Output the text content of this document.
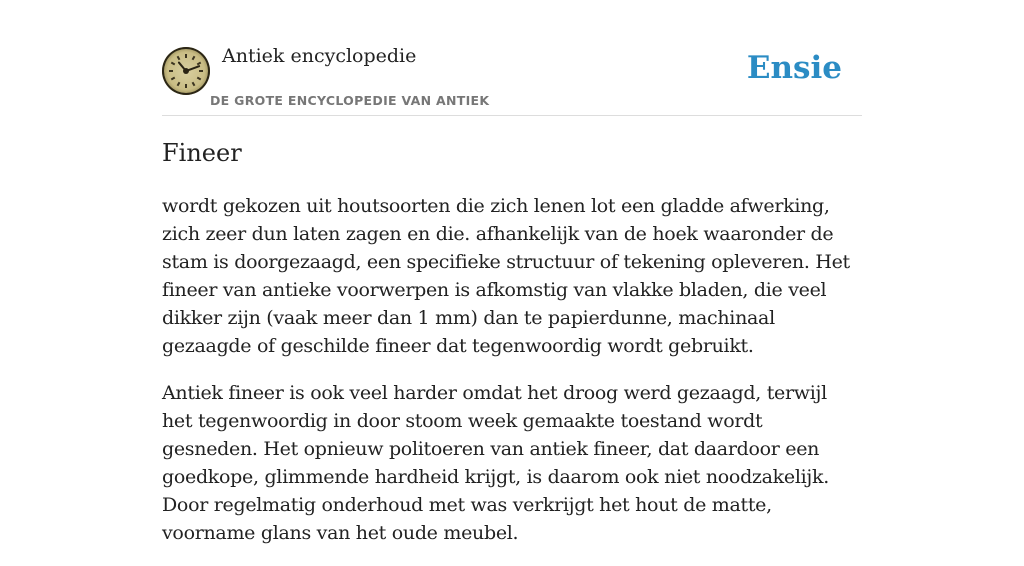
Antiek encyclopedie
DE GROTE ENCYCLOPEDIE VAN ANTIEK
Ensie
Fineer

wordt gekozen uit houtsoorten die zich lenen lot een gladde afwerking, zich zeer dun laten zagen en die. afhankelijk van de hoek waaronder de stam is doorgezaagd, een specifieke structuur of tekening opleveren. Het fineer van antieke voorwerpen is afkomstig van vlakke bladen, die veel dikker zijn (vaak meer dan 1 mm) dan te papierdunne, machinaal gezaagde of geschilde fineer dat tegenwoordig wordt gebruikt.

Antiek fineer is ook veel harder omdat het droog werd gezaagd, terwijl het tegenwoordig in door stoom week gemaakte toestand wordt gesneden. Het opnieuw politoeren van antiek fineer, dat daardoor een goedkope, glimmende hardheid krijgt, is daarom ook niet noodzakelijk. Door regelmatig onderhoud met was verkrijgt het hout de matte, voorname glans van het oude meubel.
